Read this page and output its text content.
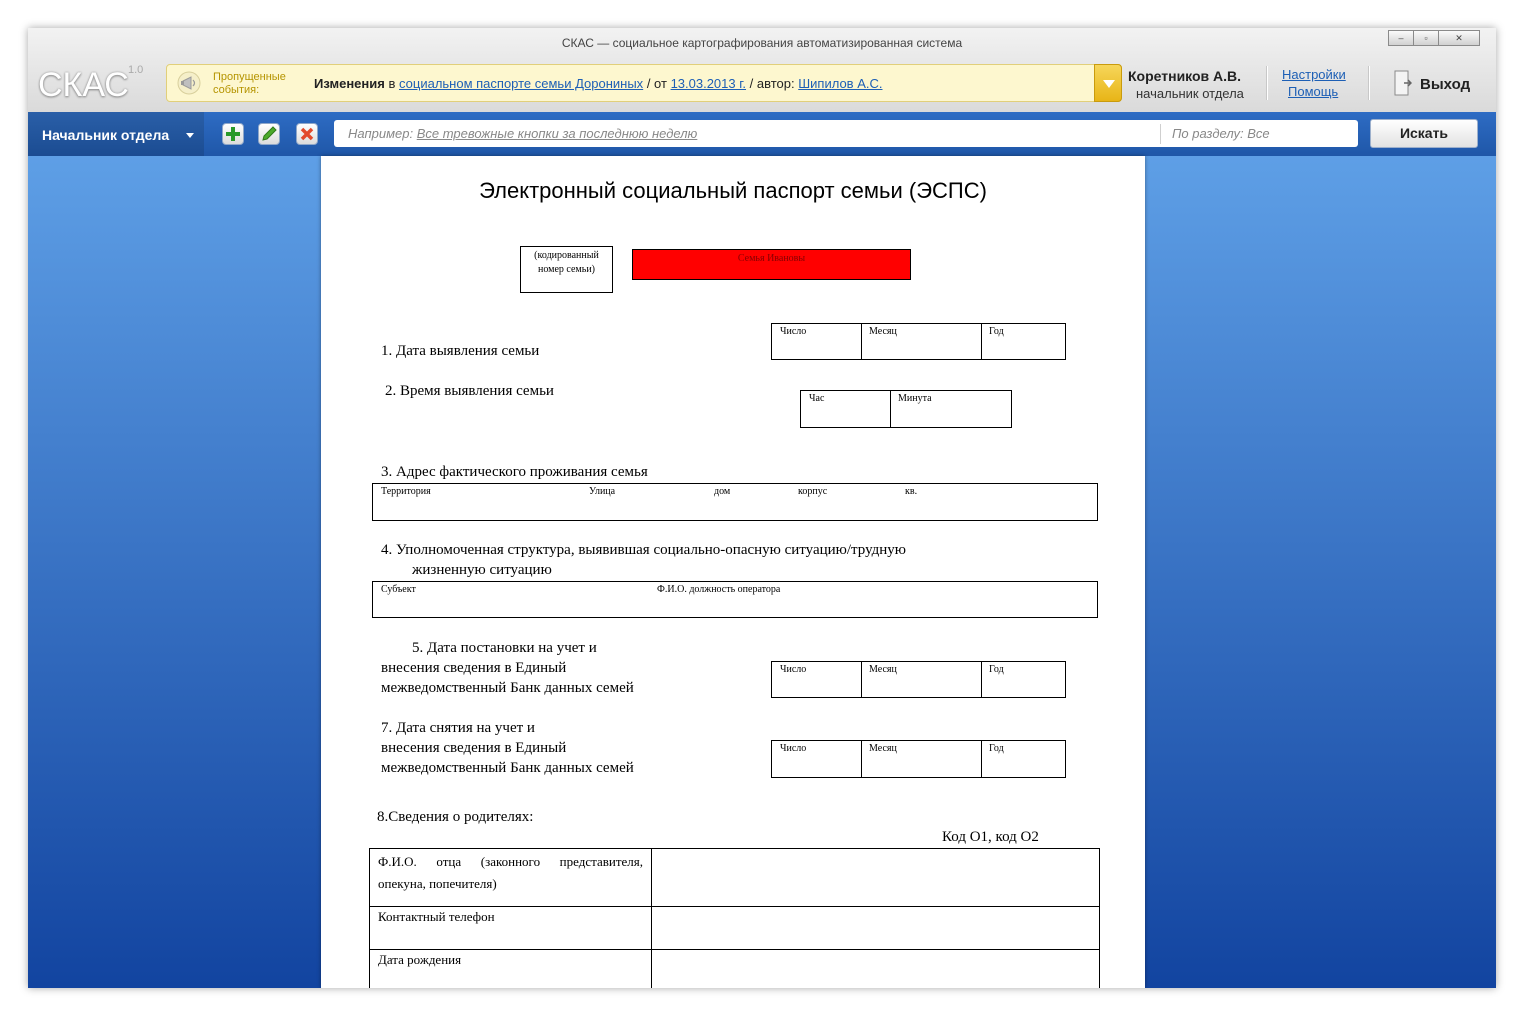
СКАС — социальное картографирования автоматизированная система	–	▫	✕
СКАС 1.0
Пропущенные события:	Изменения в социальном паспорте семьи Дорониных / от 13.03.2013 г. / автор: Шипилов А.С.	Коретников А.В.
начальник отдела
Настройки
Помощь	Выход
Начальник отдела	Например: Все тревожные кнопки за последнюю неделю	По разделу: Все	Искать
Электронный социальный паспорт семьи (ЭСПС)
(кодированный номер семьи)
Семья Ивановы
1. Дата выявления семьи
Число	Месяц	Год
2. Время выявления семьи	Час	Минута
3. Адрес фактического проживания семья
Территория	Улица	дом	корпус	кв.
4. Уполномоченная структура, выявившая социально-опасную ситуацию/трудную
жизненную ситуацию
Субъект	Ф.И.О. должность оператора
5. Дата постановки на учет и
внесения сведения в Единый
межведомственный Банк данных семей
Число	Месяц	Год
7. Дата снятия на учет и
внесения сведения в Единый
межведомственный Банк данных семей
Число	Месяц	Год
8.Сведения о родителях:
Код О1, код О2
Ф.И.О. отца (законного представителя, опекуна, попечителя)
Контактный телефон
Дата рождения
